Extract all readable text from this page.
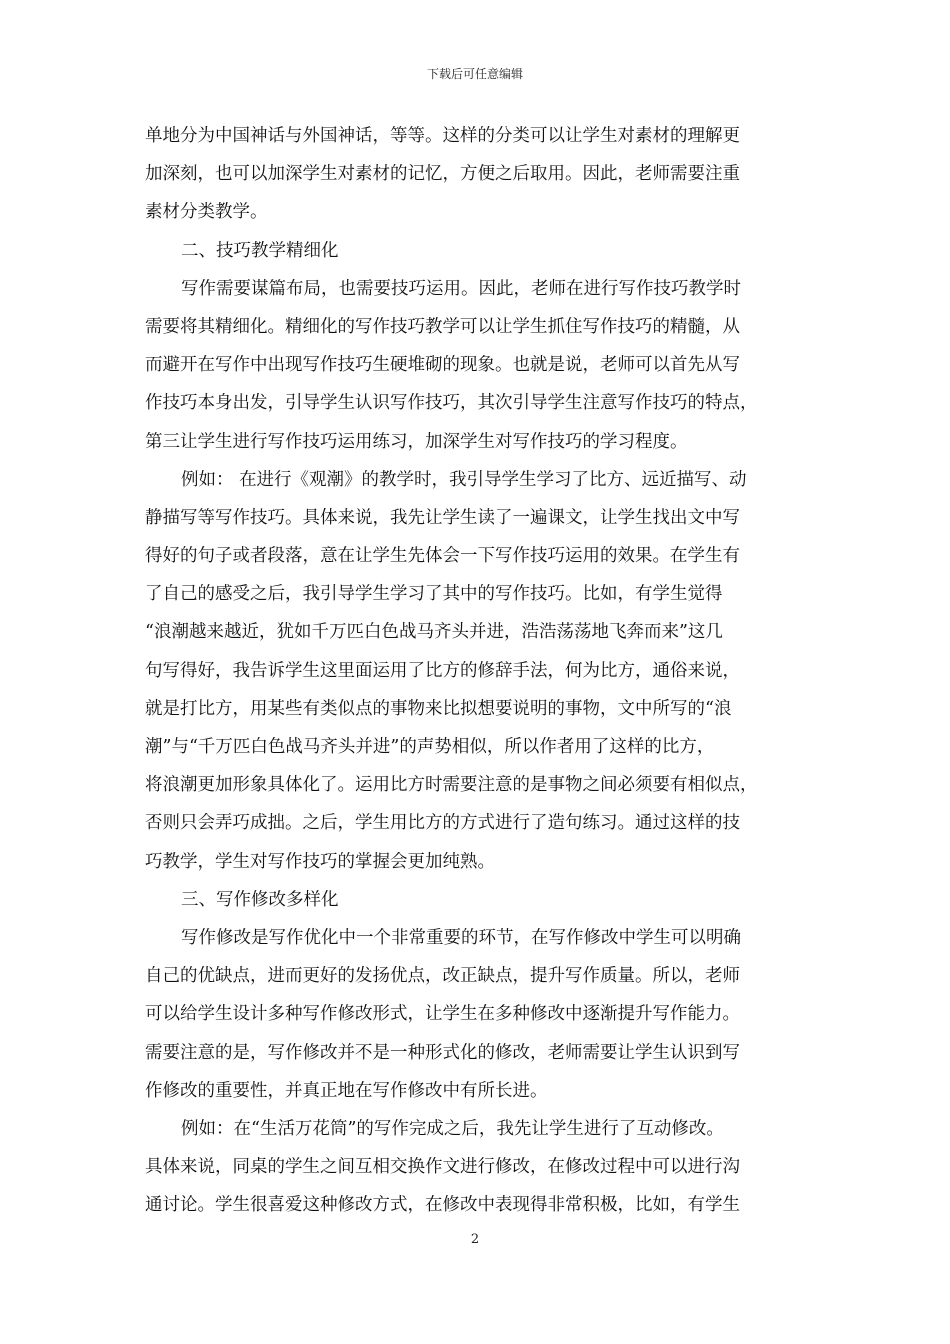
下载后可任意编辑
单地分为中国神话与外国神话，等等。这样的分类可以让学生对素材的理解更
加深刻，也可以加深学生对素材的记忆，方便之后取用。因此，老师需要注重
素材分类教学。
二、技巧教学精细化
写作需要谋篇布局，也需要技巧运用。因此，老师在进行写作技巧教学时
需要将其精细化。精细化的写作技巧教学可以让学生抓住写作技巧的精髓，从
而避开在写作中出现写作技巧生硬堆砌的现象。也就是说，老师可以首先从写
作技巧本身出发，引导学生认识写作技巧，其次引导学生注意写作技巧的特点，
第三让学生进行写作技巧运用练习，加深学生对写作技巧的学习程度。
例如： 在进行《观潮》的教学时，我引导学生学习了比方、远近描写、动
静描写等写作技巧。具体来说，我先让学生读了一遍课文，让学生找出文中写
得好的句子或者段落，意在让学生先体会一下写作技巧运用的效果。在学生有
了自己的感受之后，我引导学生学习了其中的写作技巧。比如，有学生觉得
“浪潮越来越近，犹如千万匹白色战马齐头并进，浩浩荡荡地飞奔而来”这几
句写得好，我告诉学生这里面运用了比方的修辞手法，何为比方，通俗来说，
就是打比方，用某些有类似点的事物来比拟想要说明的事物，文中所写的“浪
潮”与“千万匹白色战马齐头并进”的声势相似，所以作者用了这样的比方，
将浪潮更加形象具体化了。运用比方时需要注意的是事物之间必须要有相似点，
否则只会弄巧成拙。之后，学生用比方的方式进行了造句练习。通过这样的技
巧教学，学生对写作技巧的掌握会更加纯熟。
三、写作修改多样化
写作修改是写作优化中一个非常重要的环节，在写作修改中学生可以明确
自己的优缺点，进而更好的发扬优点，改正缺点，提升写作质量。所以，老师
可以给学生设计多种写作修改形式，让学生在多种修改中逐渐提升写作能力。
需要注意的是，写作修改并不是一种形式化的修改，老师需要让学生认识到写
作修改的重要性，并真正地在写作修改中有所长进。
例如：在“生活万花筒”的写作完成之后，我先让学生进行了互动修改。
具体来说，同桌的学生之间互相交换作文进行修改，在修改过程中可以进行沟
通讨论。学生很喜爱这种修改方式，在修改中表现得非常积极，比如，有学生
2
